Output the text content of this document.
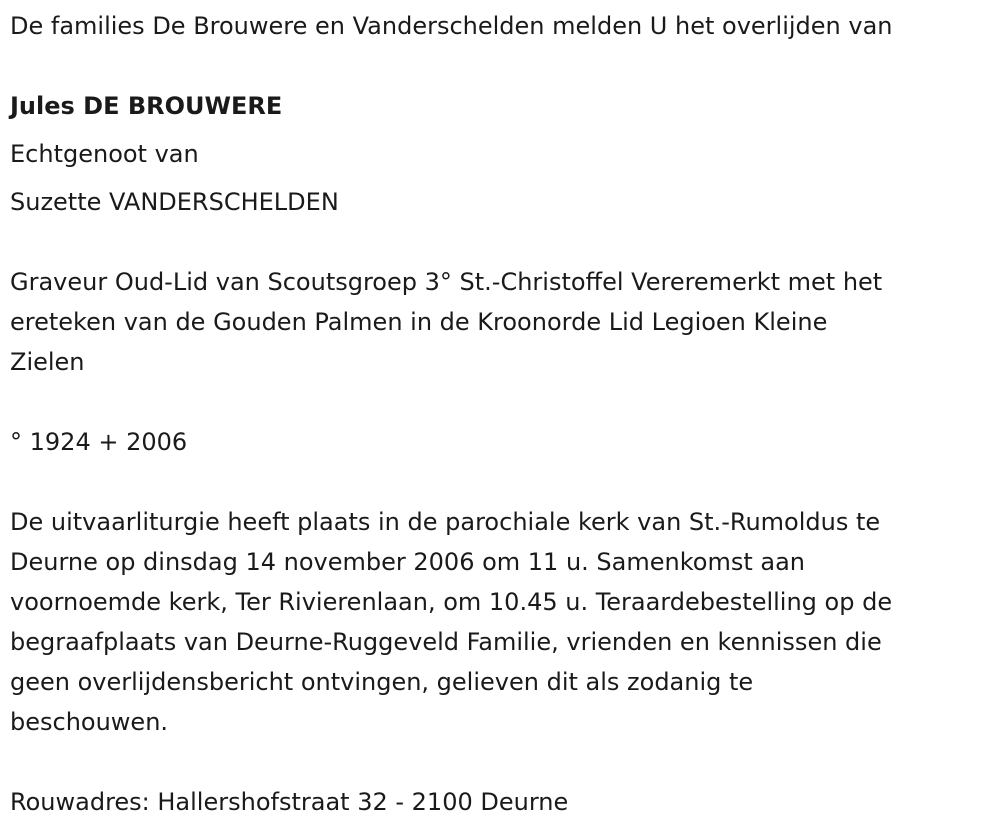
De families De Brouwere en Vanderschelden melden U het overlijden van
Jules DE BROUWERE
Echtgenoot van
Suzette VANDERSCHELDEN
Graveur Oud-Lid van Scoutsgroep 3° St.-Christoffel Vereremerkt met het
ereteken van de Gouden Palmen in de Kroonorde Lid Legioen Kleine
Zielen
° 1924 + 2006
De uitvaarliturgie heeft plaats in de parochiale kerk van St.-Rumoldus te
Deurne op dinsdag 14 november 2006 om 11 u. Samenkomst aan
voornoemde kerk, Ter Rivierenlaan, om 10.45 u. Teraardebestelling op de
begraafplaats van Deurne-Ruggeveld Familie, vrienden en kennissen die
geen overlijdensbericht ontvingen, gelieven dit als zodanig te
beschouwen.
Rouwadres: Hallershofstraat 32 - 2100 Deurne
